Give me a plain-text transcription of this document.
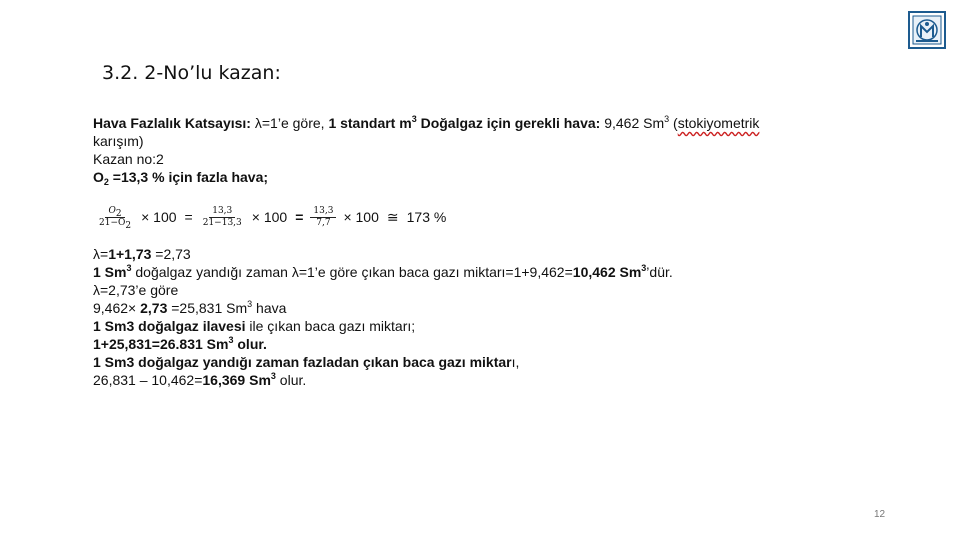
3.2. 2-No’lu kazan:

Hava Fazlalık Katsayısı: λ=1’e göre, 1 standart $m^3$ Doğalgaz için gerekli hava: 9,462 Sm$^3$ (stokiyometrik

karışım)

Kazan no:2

$O_2 =13,3$ % için fazla hava;

$\frac{O_2}{21-O_2} \times 100 = \frac{13,3}{21-13,3} \times 100 = \frac{13,3}{7,7} \times 100$ ≅ 173 %

λ=1+1,73 =2,73

1 Sm$^3$ doğalgaz yandığı zaman λ=1’e göre çıkan baca gazı miktarı=1+9,462=10,462 Sm$^3$’dür.

λ=2,73’e göre

9,462× 2,73 =25,831 Sm$^3$ hava

1 Sm3 doğalgaz ilavesi ile çıkan baca gazı miktarı;

1+25,831=26.831 Sm$^3$ olur.

1 Sm3 doğalgaz yandığı zaman fazladan çıkan baca gazı miktarı,

26,831 – 10,462=16,369 Sm$^3$ olur.

12
